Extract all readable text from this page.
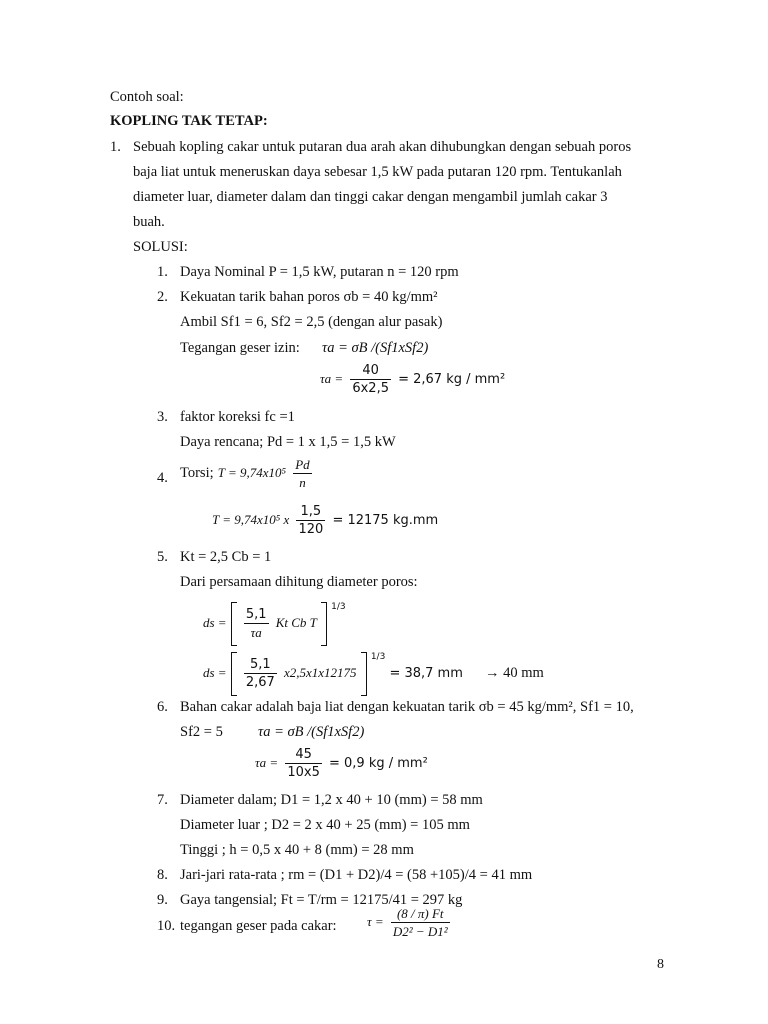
Contoh soal:
KOPLING TAK TETAP:
1. Sebuah kopling cakar untuk putaran dua arah akan dihubungkan dengan sebuah poros
baja liat untuk meneruskan daya sebesar 1,5 kW pada putaran 120 rpm. Tentukanlah
diameter luar, diameter dalam dan tinggi cakar dengan mengambil jumlah cakar 3
buah.
SOLUSI:
1. Daya Nominal P = 1,5 kW, putaran n = 120 rpm
2. Kekuatan tarik bahan poros σb = 40 kg/mm²
Ambil Sf1 = 6, Sf2 = 2,5 (dengan alur pasak)
Tegangan geser izin: τa = σB /(Sf1xSf2)
$\tau a = \frac{40}{6x2,5} = 2,67$ kg / mm²
3. faktor koreksi fc =1
Daya rencana; Pd = 1 x 1,5 = 1,5 kW
4. Torsi; $T = 9,74x10^5 \frac{Pd}{n}$
T = 9,74x10⁵ x $\frac{1,5}{120} = 12175$ kg.mm
5. Kt = 2,5 Cb = 1
Dari persamaan dihitung diameter poros:
ds = $\frac{5,1}{\tau a}$ Kt Cb T  $^{1/3}$
ds = $\frac{5,1}{2,67} x2,5x1x12175$  $^{1/3}$ = 38,7 mm → 40 mm
6. Bahan cakar adalah baja liat dengan kekuatan tarik σb = 45 kg/mm², Sf1 = 10,
Sf2 = 5 τa = σB /(Sf1xSf2)
$\tau a = \frac{45}{10x5} = 0,9$ kg / mm²
7. Diameter dalam; D1 = 1,2 x 40 + 10 (mm) = 58 mm
Diameter luar ; D2 = 2 x 40 + 25 (mm) = 105 mm
Tinggi ; h = 0,5 x 40 + 8 (mm) = 28 mm
8. Jari-jari rata-rata ; rm = (D1 + D2)/4 = (58 +105)/4 = 41 mm
9. Gaya tangensial; Ft = T/rm = 12175/41 = 297 kg
10. tegangan geser pada cakar: $\tau = \frac{(8 / \pi) Ft}{\text{D2² − D1²}}$
8
